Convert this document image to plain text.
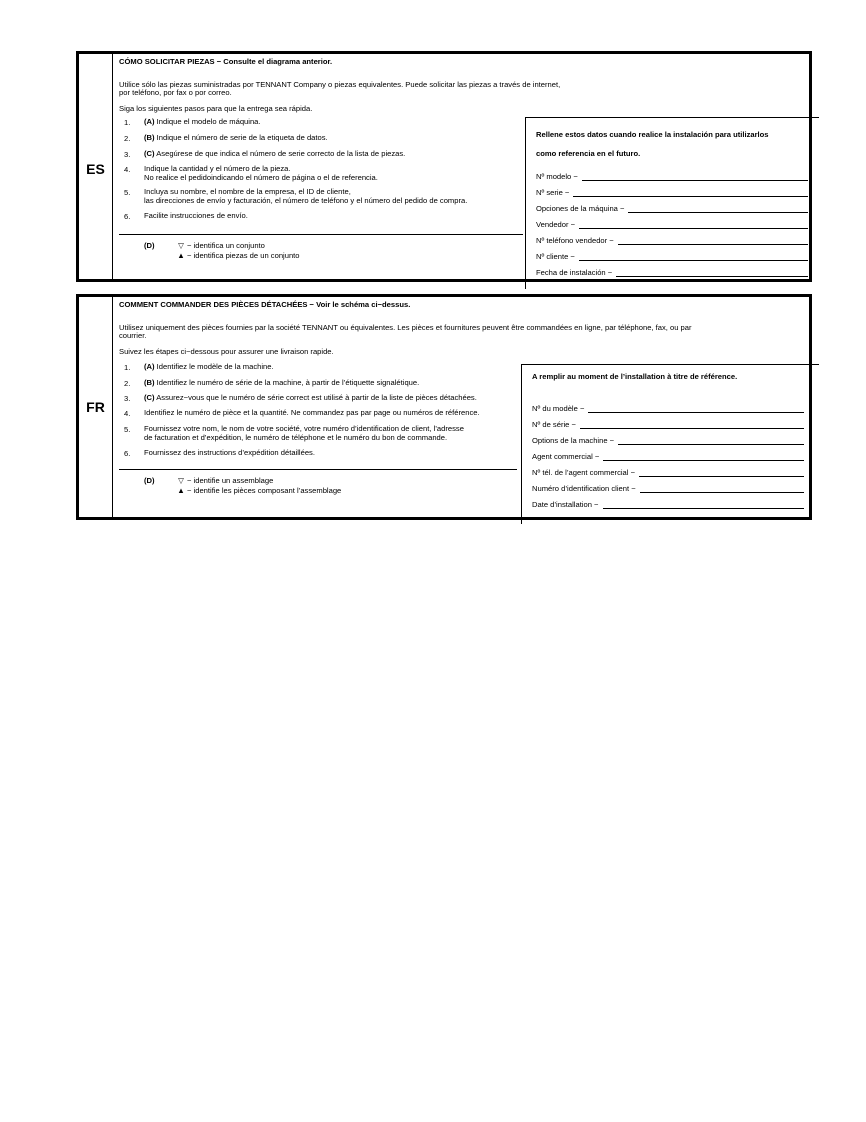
ES
CÓMO SOLICITAR PIEZAS − Consulte el diagrama anterior.
Utilice sólo las piezas suministradas por TENNANT Company o piezas equivalentes. Puede solicitar las piezas a través de internet,
por teléfono, por fax o por correo.
Siga los siguientes pasos para que la entrega sea rápida.
1. (A) Indique el modelo de máquina.
2. (B) Indique el número de serie de la etiqueta de datos.
3. (C) Asegúrese de que indica el número de serie correcto de la lista de piezas.
4. Indique la cantidad y el número de la pieza.
No realice el pedidoindicando el número de página o el de referencia.
5. Incluya su nombre, el nombre de la empresa, el ID de cliente,
las direcciones de envío y facturación, el número de teléfono y el número del pedido de compra.
6. Facilite instrucciones de envío.
(D)	▽ − identifica un conjunto
▲ − identifica piezas de un conjunto
Rellene estos datos cuando realice la instalación para utilizarlos
como referencia en el futuro.
Nº modelo −
Nº serie −
Opciones de la máquina −
Vendedor −
Nº teléfono vendedor −
Nº cliente −
Fecha de instalación −
FR
COMMENT COMMANDER DES PIÈCES DÉTACHÉES − Voir le schéma ci−dessus.
Utilisez uniquement des pièces fournies par la société TENNANT ou équivalentes. Les pièces et fournitures peuvent être commandées en ligne, par téléphone, fax, ou par
courrier.
Suivez les étapes ci−dessous pour assurer une livraison rapide.
1. (A) Identifiez le modèle de la machine.
2. (B) Identifiez le numéro de série de la machine, à partir de l’étiquette signalétique.
3. (C) Assurez−vous que le numéro de série correct est utilisé à partir de la liste de pièces détachées.
4. Identifiez le numéro de pièce et la quantité. Ne commandez pas par page ou numéros de référence.
5. Fournissez votre nom, le nom de votre société, votre numéro d’identification de client, l’adresse
de facturation et d’expédition, le numéro de téléphone et le numéro du bon de commande.
6. Fournissez des instructions d’expédition détaillées.
(D)	▽ − identifie un assemblage
▲ − identifie les pièces composant l’assemblage
A remplir au moment de l’installation à titre de référence.
Nº du modèle −
Nº de série −
Options de la machine −
Agent commercial −
Nº tél. de l’agent commercial −
Numéro d’identification client −
Date d’installation −
